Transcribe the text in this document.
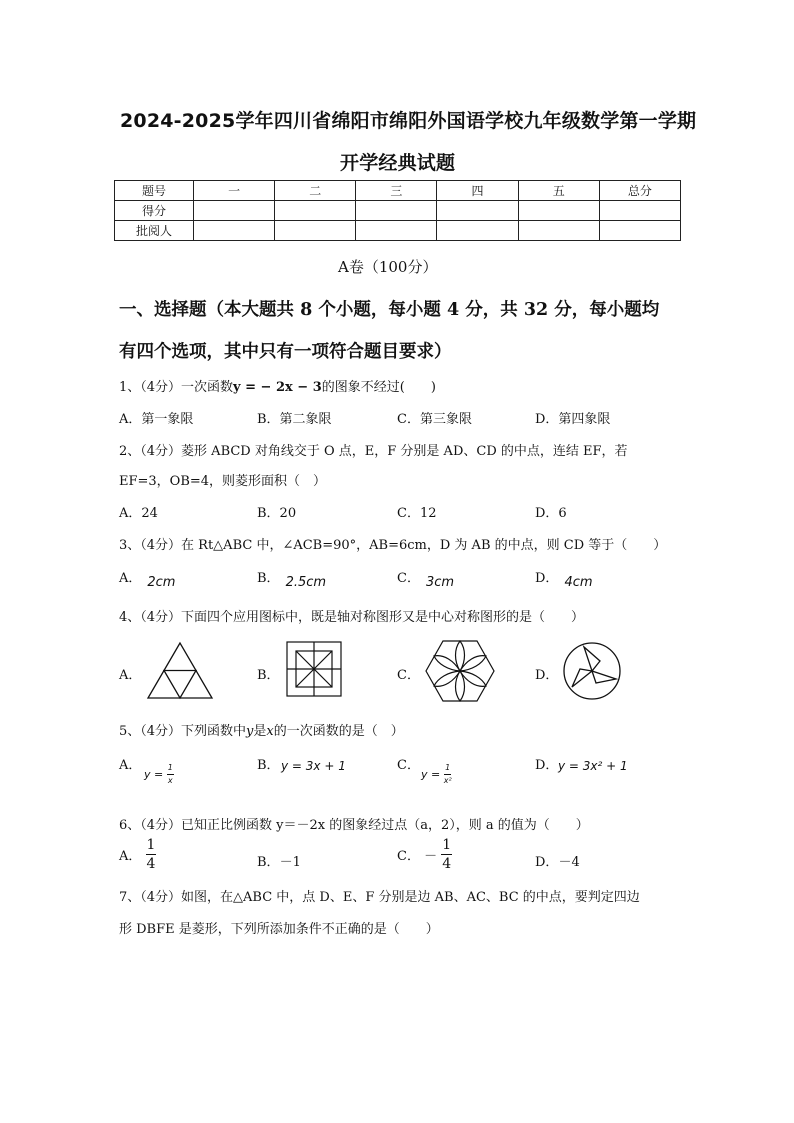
2024-2025学年四川省绵阳市绵阳外国语学校九年级数学第一学期
开学经典试题
题号	一	二	三	四	五	总分
得分						
批阅人						
A卷（100分）
一、选择题（本大题共 8 个小题，每小题 4 分，共 32 分，每小题均
有四个选项，其中只有一项符合题目要求）
1、（4分）一次函数y = − 2x − 3的图象不经过(　　)
A．第一象限	B．第二象限	C．第三象限	D．第四象限
2、（4分）菱形 ABCD 对角线交于 O 点，E，F 分别是 AD、CD 的中点，连结 EF，若
EF=3，OB=4，则菱形面积（　）
A．24	B．20	C．12	D．6
3、（4分）在 Rt△ABC 中，∠ACB=90°，AB=6cm，D 为 AB 的中点，则 CD 等于（　　）
A． 2cm	B． 2.5cm	C． 3cm	D． 4cm
4、（4分）下面四个应用图标中，既是轴对称图形又是中心对称图形的是（　　）
A．	B．	C．	D．
5、（4分）下列函数中y是x的一次函数的是（　）
A．
$y = \frac{1}{x}$	B． y = 3x + 1	C．
$y = \frac{1}{\text{x²}}$	D． y = 3x² + 1
6、（4分）已知正比例函数 y＝－2x 的图象经过点（a，2），则 a 的值为（　　）
A． $\frac{1}{4}$	B．－1	C． － $\frac{1}{4}$	D．－4
7、（4分）如图，在△ABC 中，点 D、E、F 分别是边 AB、AC、BC 的中点，要判定四边
形 DBFE 是菱形，下列所添加条件不正确的是（　　）
